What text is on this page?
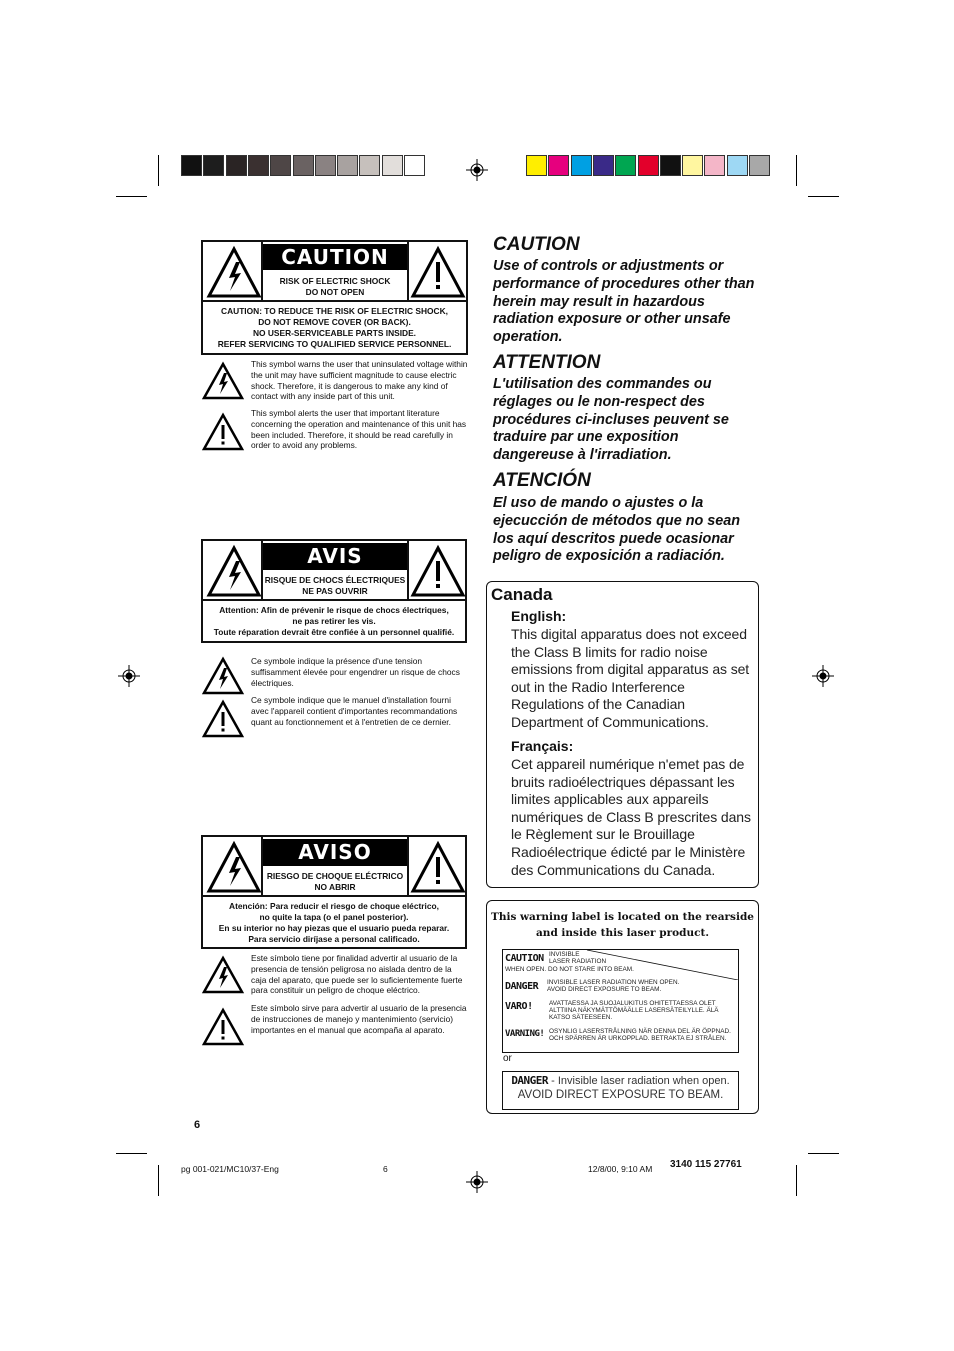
CAUTION
RISK OF ELECTRIC SHOCK
DO NOT OPEN
CAUTION: TO REDUCE THE RISK OF ELECTRIC SHOCK,
DO NOT REMOVE COVER (OR BACK).
NO USER-SERVICEABLE PARTS INSIDE.
REFER SERVICING TO QUALIFIED SERVICE PERSONNEL.
This symbol warns the user that uninsulated voltage within the unit may have sufficient magnitude to cause electric shock. Therefore, it is dangerous to make any kind of contact with any inside part of this unit.
This symbol alerts the user that important literature concerning the operation and maintenance of this unit has been included. Therefore, it should be read carefully in order to avoid any problems.
AVIS
RISQUE DE CHOCS ÉLECTRIQUES
NE PAS OUVRIR
Attention: Afin de prévenir le risque de chocs électriques,
ne pas retirer les vis.
Toute réparation devrait être confiée à un personnel qualifié.
Ce symbole indique la présence d'une tension suffisamment élevée pour engendrer un risque de chocs électriques.
Ce symbole indique que le manuel d'installation fourni avec l'appareil contient d'importantes recommandations quant au fonctionnement et à l'entretien de ce dernier.
AVISO
RIESGO DE CHOQUE ELÉCTRICO
NO ABRIR
Atención: Para reducir el riesgo de choque eléctrico,
no quite la tapa (o el panel posterior).
En su interior no hay piezas que el usuario pueda reparar.
Para servicio diríjase a personal calificado.
Este símbolo tiene por finalidad advertir al usuario de la presencia de tensión peligrosa no aislada dentro de la caja del aparato, que puede ser lo suficientemente fuerte para constituir un peligro de choque eléctrico.
Este símbolo sirve para advertir al usuario de la presencia de instrucciones de manejo y mantenimiento (servicio) importantes en el manual que acompaña al aparato.
CAUTION
Use of controls or adjustments or performance of procedures other than herein may result in hazardous radiation exposure or other unsafe operation.
ATTENTION
L'utilisation des commandes ou réglages ou le non-respect des procédures ci-incluses peuvent se traduire par une exposition dangereuse à l'irradiation.
ATENCIÓN
El uso de mando o ajustes o la ejecucción de métodos que no sean los aquí descritos puede ocasionar peligro de exposición a radiación.
Canada
English:
This digital apparatus does not exceed the Class B limits for radio noise emissions from digital apparatus as set out in the Radio Interference Regulations of the Canadian Department of Communications.
Français:
Cet appareil numérique n'emet pas de bruits radioélectriques dépassant les limites applicables aux appareils numériques de Class B prescrites dans le Règlement sur le Brouillage Radioélectrique édicté par le Ministère des Communications du Canada.
This warning label is located on the rearside
and inside this laser product.
CAUTION INVISIBLE
LASER RADIATION
WHEN OPEN. DO NOT STARE INTO BEAM.
DANGER INVISIBLE LASER RADIATION WHEN OPEN.
AVOID DIRECT EXPOSURE TO BEAM.
VARO!	AVATTAESSA JA SUOJALUKITUS OHITETTAESSA OLET
ALTTIINA NÄKYMÄTTÖMÄÄLLE LASERSÄTEILYLLE. ÄLÄ
KATSO SÄTEESEEN.
VARNING! OSYNLIG LASERSTRÅLNING NÄR DENNA DEL ÄR ÖPPNAD.
OCH SPÄRREN ÄR URKOPPLAD. BETRAKTA EJ STRÅLEN.
or
DANGER - Invisible laser radiation when open.
AVOID DIRECT EXPOSURE TO BEAM.
6
pg 001-021/MC10/37-Eng	6	12/8/00, 9:10 AM 3140 115 27761
